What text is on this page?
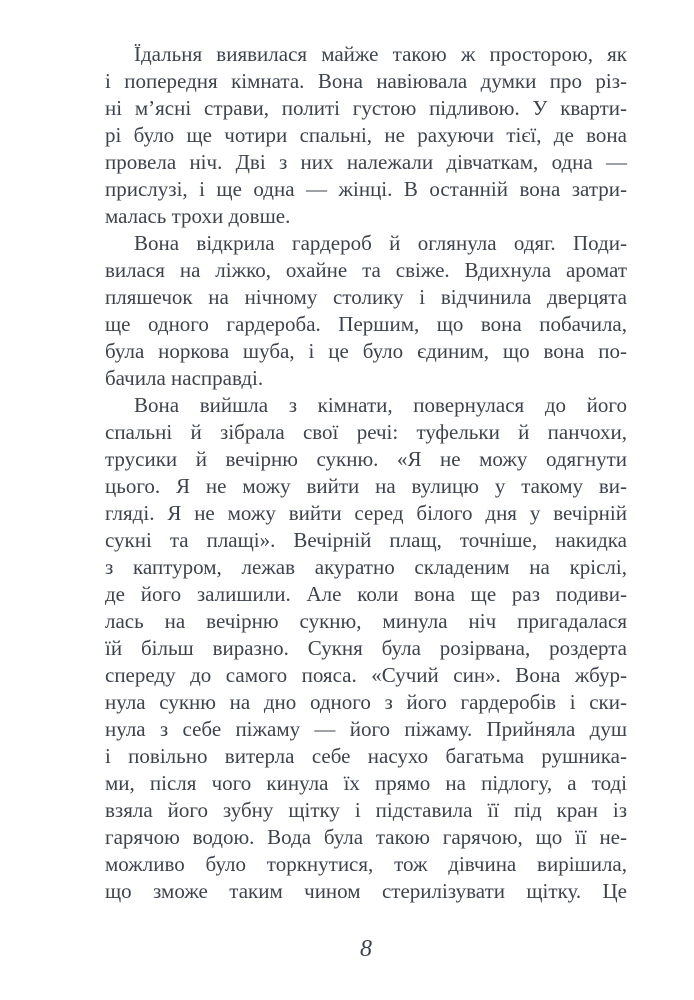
Їдальня виявилася майже такою ж просторою, як
і попередня кімната. Вона навіювала думки про різ-
ні м’ясні страви, политі густою підливою. У кварти-
рі було ще чотири спальні, не рахуючи тієї, де вона
провела ніч. Дві з них належали дівчаткам, одна —
прислузі, і ще одна — жінці. В останній вона затри-
малась трохи довше.
Вона відкрила гардероб й оглянула одяг. Поди-
вилася на ліжко, охайне та свіже. Вдихнула аромат
пляшечок на нічному столику і відчинила дверцята
ще одного гардероба. Першим, що вона побачила,
була норкова шуба, і це було єдиним, що вона по-
бачила насправді.
Вона вийшла з кімнати, повернулася до його
спальні й зібрала свої речі: туфельки й панчохи,
трусики й вечірню сукню. «Я не можу одягнути
цього. Я не можу вийти на вулицю у такому ви-
гляді. Я не можу вийти серед білого дня у вечірній
сукні та плащі». Вечірній плащ, точніше, накидка
з каптуром, лежав акуратно складеним на кріслі,
де його залишили. Але коли вона ще раз подиви-
лась на вечірню сукню, минула ніч пригадалася
їй більш виразно. Сукня була розірвана, роздерта
спереду до самого пояса. «Сучий син». Вона жбур-
нула сукню на дно одного з його гардеробів і ски-
нула з себе піжаму — його піжаму. Прийняла душ
і повільно витерла себе насухо багатьма рушника-
ми, після чого кинула їх прямо на підлогу, а тоді
взяла його зубну щітку і підставила її під кран із
гарячою водою. Вода була такою гарячою, що її не-
можливо було торкнутися, тож дівчина вирішила,
що зможе таким чином стерилізувати щітку. Це
8
